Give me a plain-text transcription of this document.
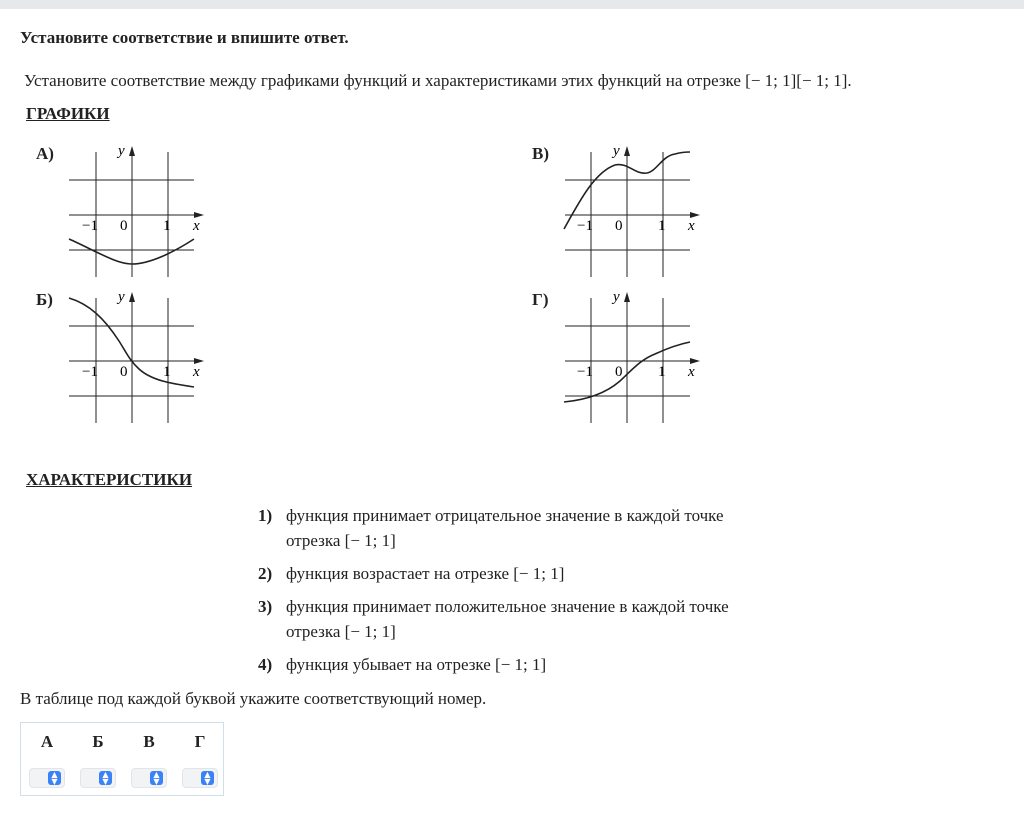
Установите соответствие и впишите ответ.
Установите соответствие между графиками функций и характеристиками этих функций на отрезке [− 1; 1][− 1; 1].
ГРАФИКИ
А)
−1 0 1 x
y	В)
−1 0 1 x
y
Б)
−1 0 1 x
y	Г)
−1 0 1 x
y
ХАРАКТЕРИСТИКИ
1) функция принимает отрицательное значение в каждой точке отрезка [− 1; 1]
2) функция возрастает на отрезке [− 1; 1]
3) функция принимает положительное значение в каждой точке отрезка [− 1; 1]
4) функция убывает на отрезке [− 1; 1]
В таблице под каждой буквой укажите соответствующий номер.
А	Б	В	Г
▲
▼
▲
▼
▲
▼
▲
▼
